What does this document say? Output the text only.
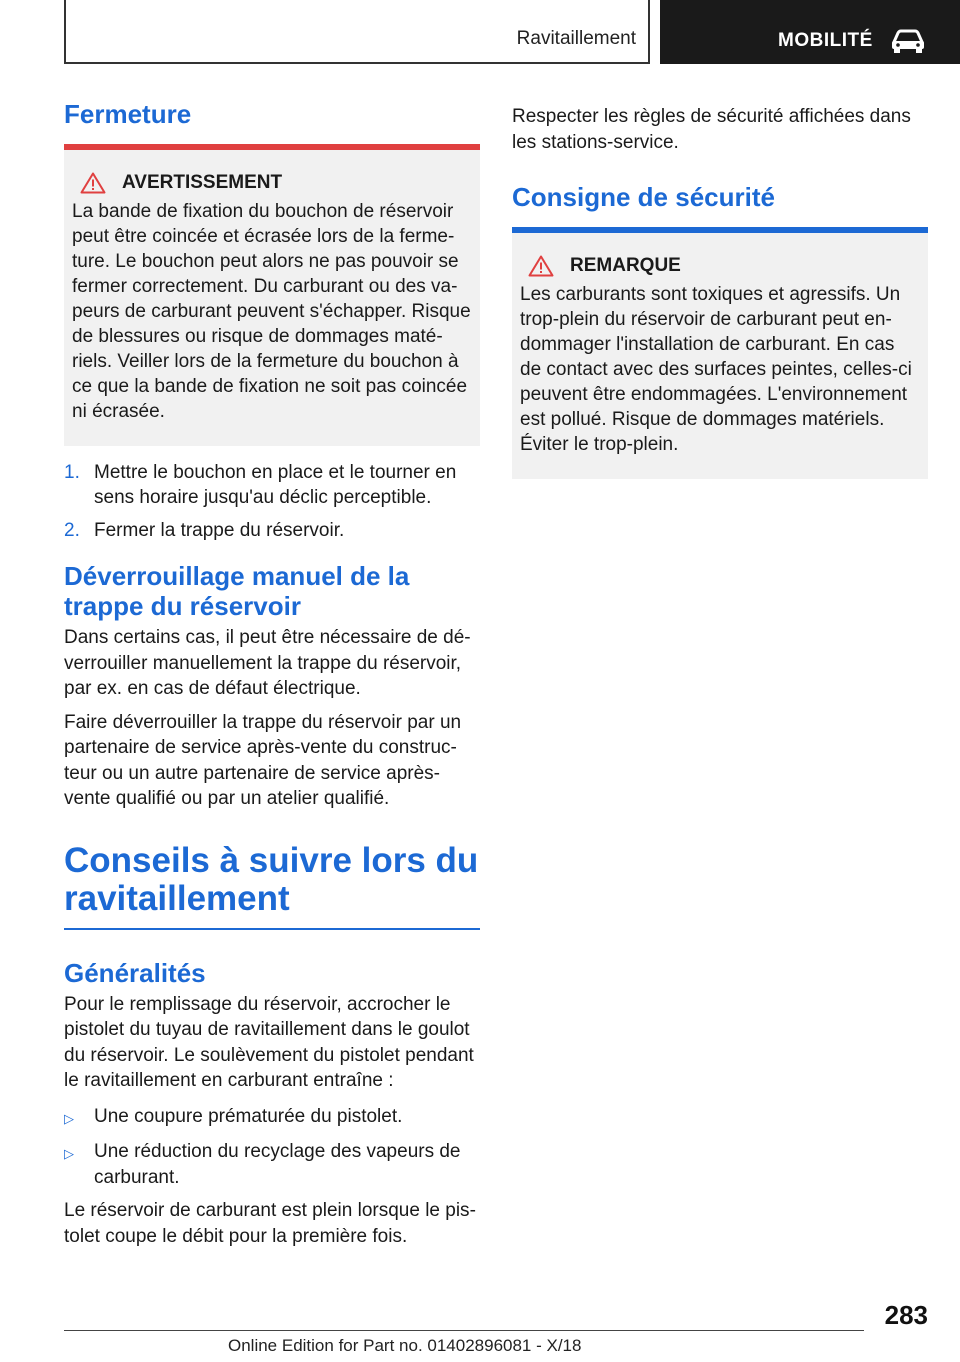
Ravitaillement	MOBILITÉ
Fermeture
AVERTISSEMENT

La bande de fixation du bouchon de réservoir peut être coincée et écrasée lors de la fermeture. Le bouchon peut alors ne pas pouvoir se fermer correctement. Du carburant ou des vapeurs de carburant peuvent s'échapper. Risque de blessures ou risque de dommages matériels. Veiller lors de la fermeture du bouchon à ce que la bande de fixation ne soit pas coincée ni écrasée.

1. Mettre le bouchon en place et le tourner en sens horaire jusqu'au déclic perceptible.
2. Fermer la trappe du réservoir.
Déverrouillage manuel de la trappe du réservoir

Dans certains cas, il peut être nécessaire de déverrouiller manuellement la trappe du réservoir, par ex. en cas de défaut électrique.

Faire déverrouiller la trappe du réservoir par un partenaire de service après-vente du constructeur ou un autre partenaire de service après-vente qualifié ou par un atelier qualifié.

Conseils à suivre lors du ravitaillement
Généralités

Pour le remplissage du réservoir, accrocher le pistolet du tuyau de ravitaillement dans le goulot du réservoir. Le soulèvement du pistolet pendant le ravitaillement en carburant entraîne :

▷	Une coupure prématurée du pistolet.
▷	Une réduction du recyclage des vapeurs de carburant.

Le réservoir de carburant est plein lorsque le pistolet coupe le débit pour la première fois.

Respecter les règles de sécurité affichées dans les stations-service.

Consigne de sécurité
REMARQUE

Les carburants sont toxiques et agressifs. Un trop-plein du réservoir de carburant peut endommager l'installation de carburant. En cas de contact avec des surfaces peintes, celles-ci peuvent être endommagées. L'environnement est pollué. Risque de dommages matériels. Éviter le trop-plein.

283
Online Edition for Part no. 01402896081 - X/18
